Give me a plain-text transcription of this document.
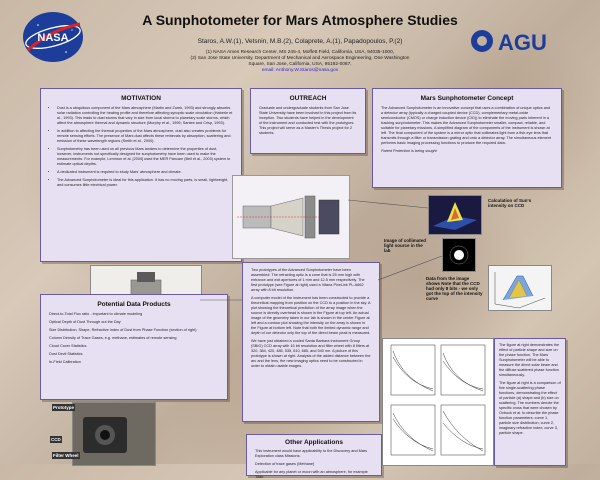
NASA
A Sunphotometer for Mars Atmosphere Studies
Staros, A.W.(1), Vetsnin, M.B.(2), Colaprete, A.(1), Papadopoulos, P.(2)
(1) NASA Ames Research Center, MS 245-4, Moffett Field, California, USA, 94035-1000,
(2) San Jose State University, Department of Mechanical and Aerospace Engineering, One Washington
Square, San Jose, California, USA, 95192-0087,
email: Anthony.W.Staros@nasa.gov
AGU
MOTIVATION
• Dust is a ubiquitous component of the Mars atmosphere (Martin and Zurek, 1993) and strongly absorbs solar radiation controlling the heating profile and therefore affecting synoptic scale circulation (Haberle et al., 1993). This leads to dust storms that vary in size from local storms to planetary scale storms, which affect the atmosphere thermal and dynamic structure (Murphy et al., 1995; Santee and Crisp, 1993).
• In addition to affecting the thermal properties of the Mars atmosphere, dust also creates problems for remote sensing efforts. The presence of Mars dust affects these retrievals by absorption, scattering and emission of these wavelength regions (Smith et al., 2000).
• Sunphotometry has been used on all previous Mars landers to determine the properties of dust, however, instruments not specifically designed for sunphotometry have been used to make the measurements. For example, Lemmon et al. [2004] used the MER Pancam (Bell et al., 2003) system to estimate optical depths.
• A dedicated instrument is required to study Mars' atmosphere and climate.
• The Advanced Sunphotometer is ideal for this application. It has no moving parts, is small, lightweight, and consumes little electrical power.
OUTREACH
Graduate and undergraduate students from San Jose State University have been involved in this project from its inception. Two students have helped in the development of the instrument and conducted test with the prototypes. This project will serve as a Master's Thesis project for 2 students.
Mars Sunphotometer Concept

The Advanced Sunphotometer is an innovative concept that uses a combination of unique optics and a detector array (typically a charged coupled device (CCD), complementary metal-oxide semiconductor (CMOS) or charge induction device (CID)) to eliminate the moving parts inherent in a tracking sunphotometer. This makes the Advanced Sunphotometer smaller, compact, reliable, and suitable for planetary missions. A simplified diagram of the components of the instrument is shown at left. The final component of the system is a mirror optic that collimates light from a fish-eye lens that transmits through a filter or transmission grating and onto a detector array. The simultaneous element performs basic imaging processing functions to produce the required data.

Patent Protection is being sought

Calculation of Sun's intensity on CCD
Image of collimated light source in the lab
Data from the image shows Note that the CCD had only 8 bits - we only got the top of the intensity curve

Two prototypes of the Advanced Sunphotometer have been assembled. The refracting optic is a cone that is 25 mm high with entrance and exit apertures of 1 mm and 12.5 mm respectively. The first prototype (see Figure at right) used a Vitana PixeLink PL-A662 array with 8 bit resolution.

A computer model of the instrument has been constructed to provide a theoretical mapping from position on the CCD to a position in the sky. A plot showing the theoretical prediction of the array image when the source is directly overhead is shown in the Figure at top left. An actual image of the geometry taken in our lab is shown in the center Figure at left and a contour plot showing the intensity on the array is shown in the Figure at bottom left. Note that both the limited dynamic range and depth of our detector only the top of the direct beam peak is measured.

We have just obtained a cooled Santa Barbara Instrument Group (SBIG) CCD array with 16 bit resolution and filter wheel with 8 filters at 320, 384, 420, 485, 535, 610, 685, and 940 nm. A picture of this prototype is shown at right. Analysis of the added distance between the arc and the lens, the new imaging optics need to be constructed in order to obtain usable images.

Potential Data Products

Direct-to-Total Flux ratio - important to climate modeling

Optical Depth of Dust Through out the Day

Size Distribution, Shape, Refractive Index of Dust from Phase Function (section of right)

Column Density of Trace Gases, e.g. methane, estimates of remote sensing

Cloud Cover Statistics

Dust Devil Statistics

In-Field Calibration

Prototype
CCD
Filter Wheel
Other Applications

This instrument would have applicability to the Discovery and Mars Exploration class Missions.

Detection of trace gases (Methane)

Applicable for any planet or moon with an atmosphere, for example Titan

The figure at right demonstrates the effect of particle shape and size on the phase function. The Mars Sunphotometer will be able to measure the direct solar beam and the diffuse scattered phase function simultaneously.

The figure at right is a comparison of five single-scattering phase functions, demonstrating the effect of particle (a) shape and (b) size on scattering. The numbers denote the specific cross that were chosen by Ovbock et al. to describe the phase function parameters: curve 1, particle size distribution; curve 2, imaginary refractive index; curve 3, particle shape.
